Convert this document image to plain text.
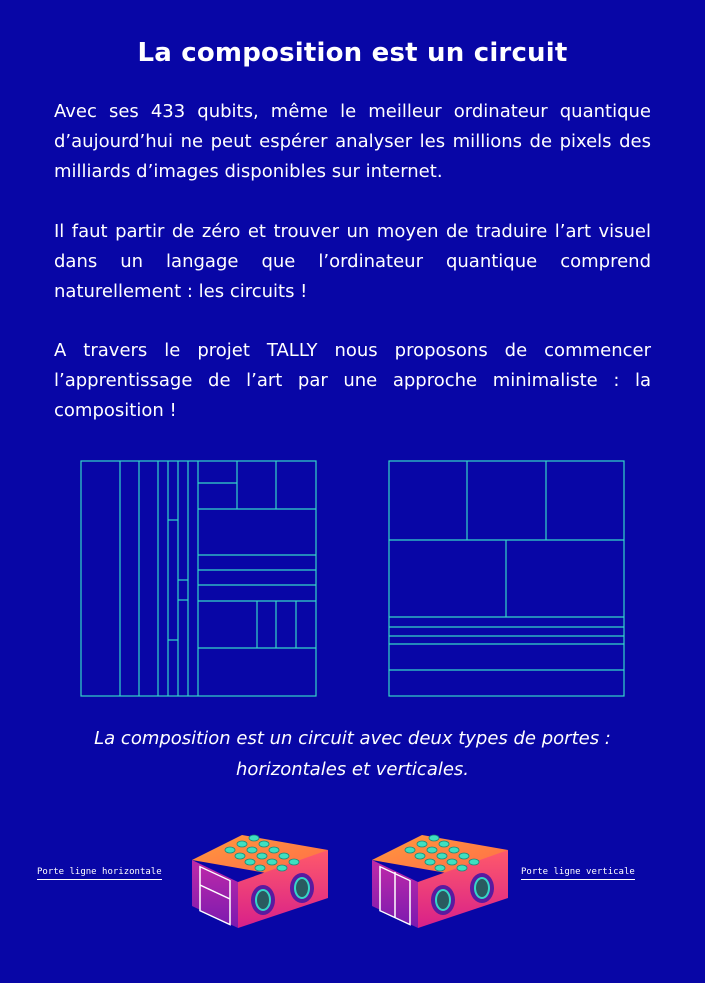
La composition est un circuit

Avec ses 433 qubits, même le meilleur ordinateur quantique d’aujourd’hui ne peut espérer analyser les millions de pixels des milliards d’images disponibles sur internet.

Il faut partir de zéro et trouver un moyen de traduire l’art visuel dans un langage que l’ordinateur quantique comprend naturellement : les circuits !

A travers le projet TALLY nous proposons de commencer l’apprentissage de l’art par une approche minimaliste : la composition !

La composition est un circuit avec deux types de portes :
horizontales et verticales.
Porte ligne horizontale	Porte ligne verticale
